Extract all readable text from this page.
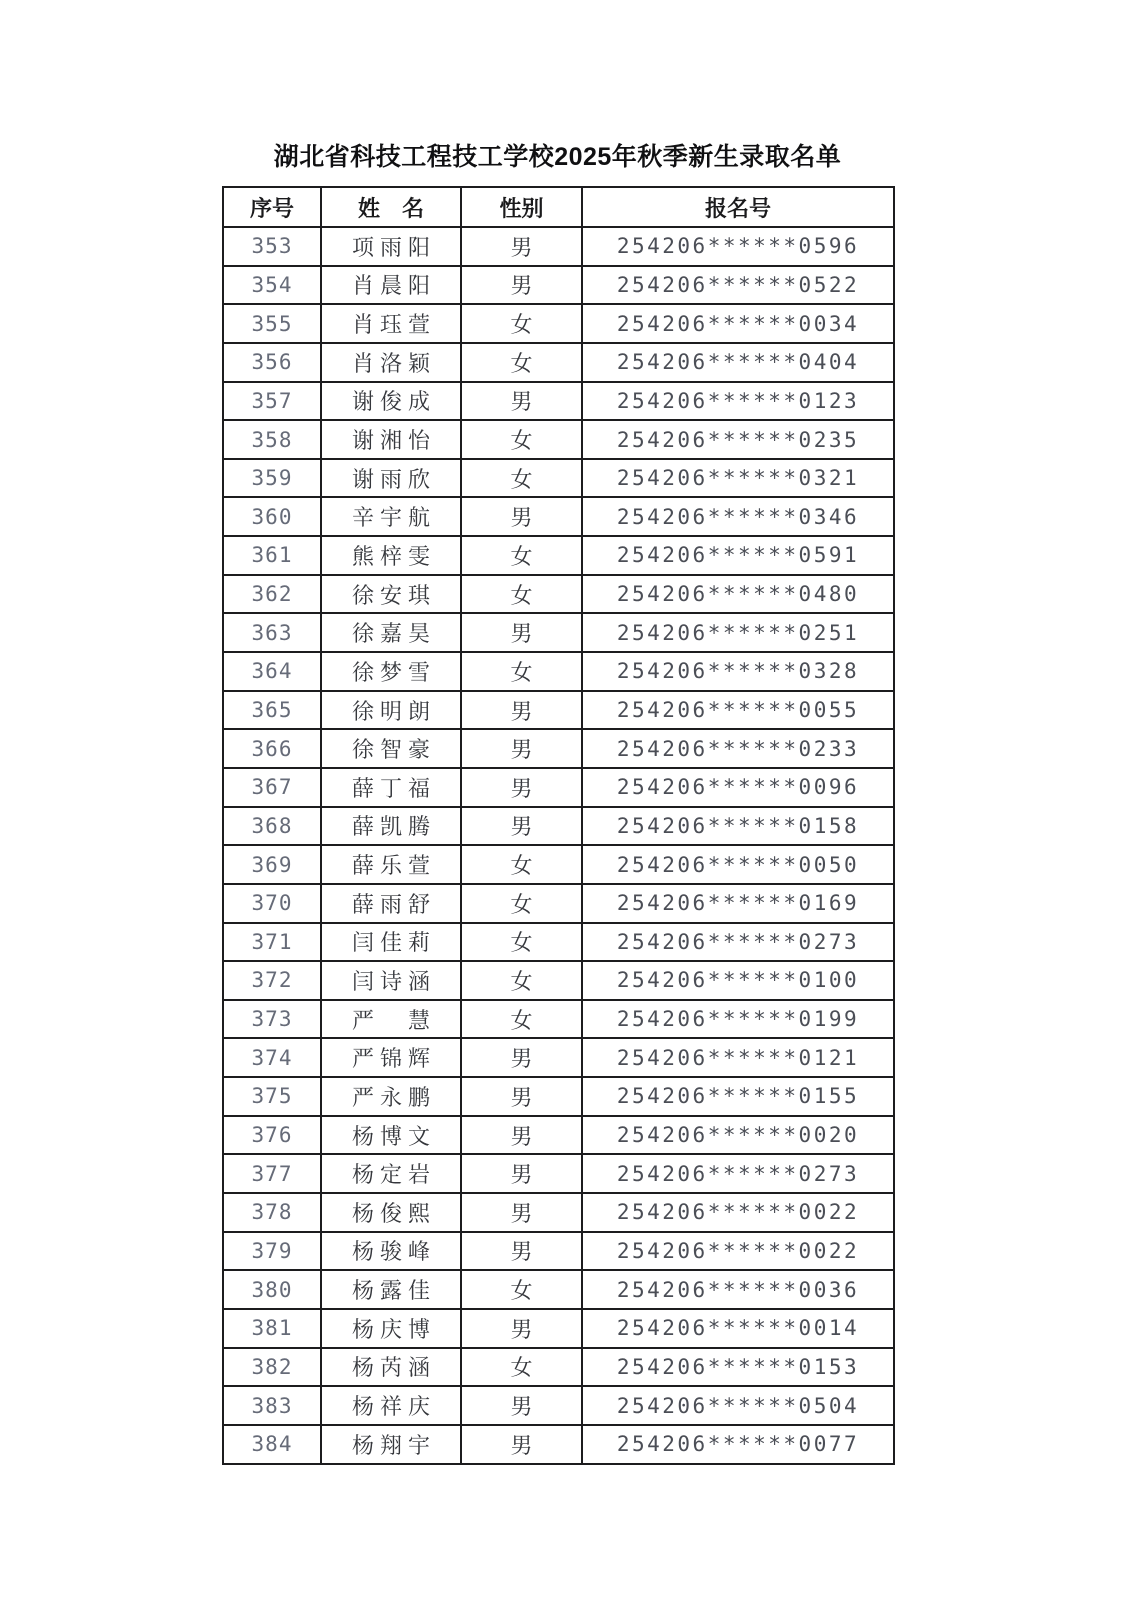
湖北省科技工程技工学校2025年秋季新生录取名单
序号	姓　名	性别	报名号
353	项雨阳	男	254206******0596
354	肖晨阳	男	254206******0522
355	肖珏萱	女	254206******0034
356	肖洛颖	女	254206******0404
357	谢俊成	男	254206******0123
358	谢湘怡	女	254206******0235
359	谢雨欣	女	254206******0321
360	辛宇航	男	254206******0346
361	熊梓雯	女	254206******0591
362	徐安琪	女	254206******0480
363	徐嘉昊	男	254206******0251
364	徐梦雪	女	254206******0328
365	徐明朗	男	254206******0055
366	徐智豪	男	254206******0233
367	薛丁福	男	254206******0096
368	薛凯腾	男	254206******0158
369	薛乐萱	女	254206******0050
370	薛雨舒	女	254206******0169
371	闫佳莉	女	254206******0273
372	闫诗涵	女	254206******0100
373	严慧	女	254206******0199
374	严锦辉	男	254206******0121
375	严永鹏	男	254206******0155
376	杨博文	男	254206******0020
377	杨定岩	男	254206******0273
378	杨俊熙	男	254206******0022
379	杨骏峰	男	254206******0022
380	杨露佳	女	254206******0036
381	杨庆博	男	254206******0014
382	杨芮涵	女	254206******0153
383	杨祥庆	男	254206******0504
384	杨翔宇	男	254206******0077
